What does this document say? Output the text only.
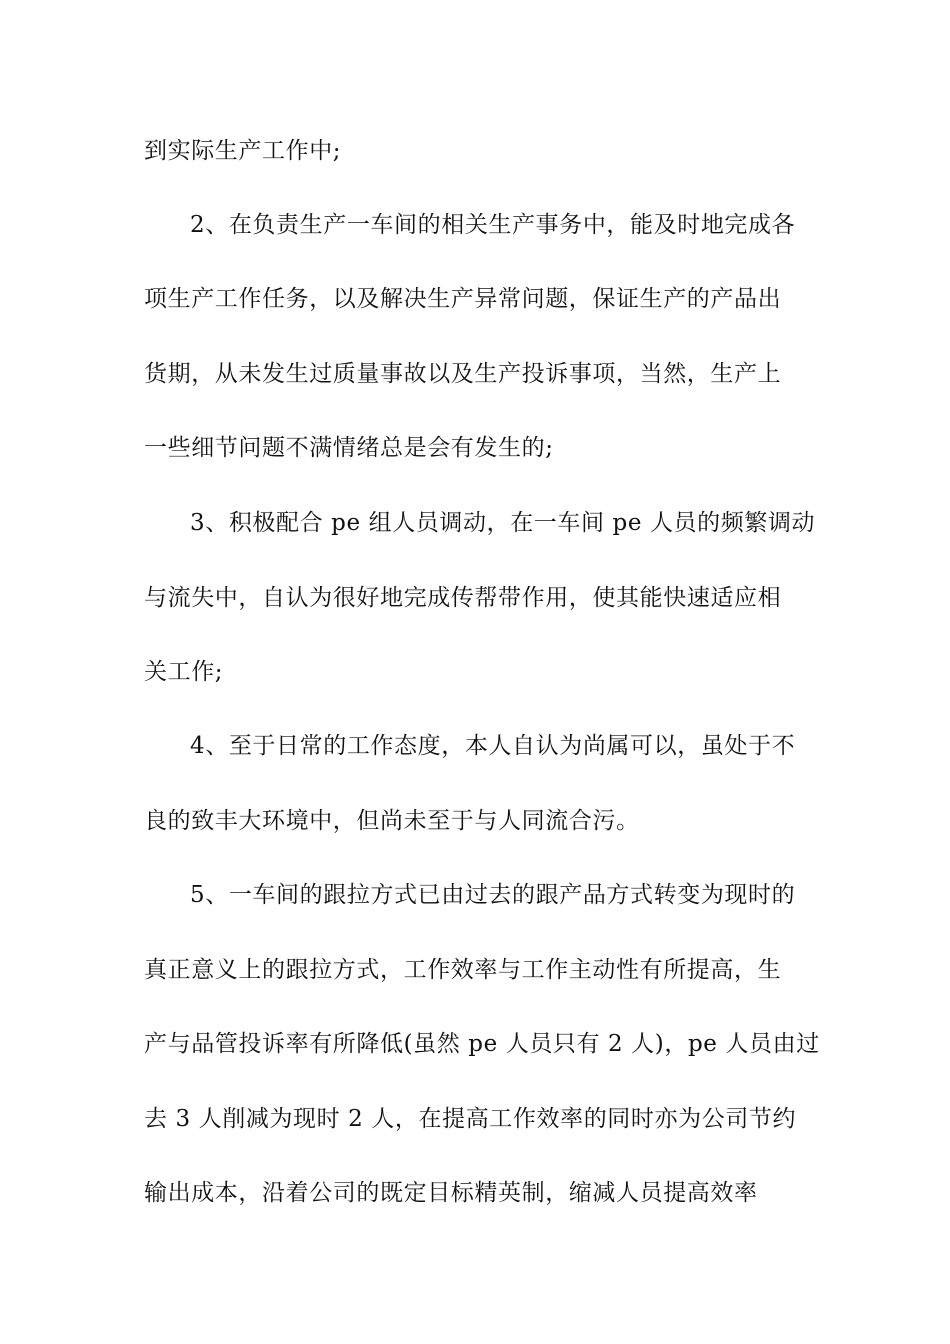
到实际生产工作中;
2、在负责生产一车间的相关生产事务中，能及时地完成各
项生产工作任务，以及解决生产异常问题，保证生产的产品出
货期，从未发生过质量事故以及生产投诉事项，当然，生产上
一些细节问题不满情绪总是会有发生的;
3、积极配合 pe 组人员调动，在一车间 pe 人员的频繁调动
与流失中，自认为很好地完成传帮带作用，使其能快速适应相
关工作;
4、至于日常的工作态度，本人自认为尚属可以，虽处于不
良的致丰大环境中，但尚未至于与人同流合污。
5、一车间的跟拉方式已由过去的跟产品方式转变为现时的
真正意义上的跟拉方式，工作效率与工作主动性有所提高，生
产与品管投诉率有所降低(虽然 pe 人员只有 2 人)，pe 人员由过
去 3 人削减为现时 2 人，在提高工作效率的同时亦为公司节约
输出成本，沿着公司的既定目标精英制，缩减人员提高效率
